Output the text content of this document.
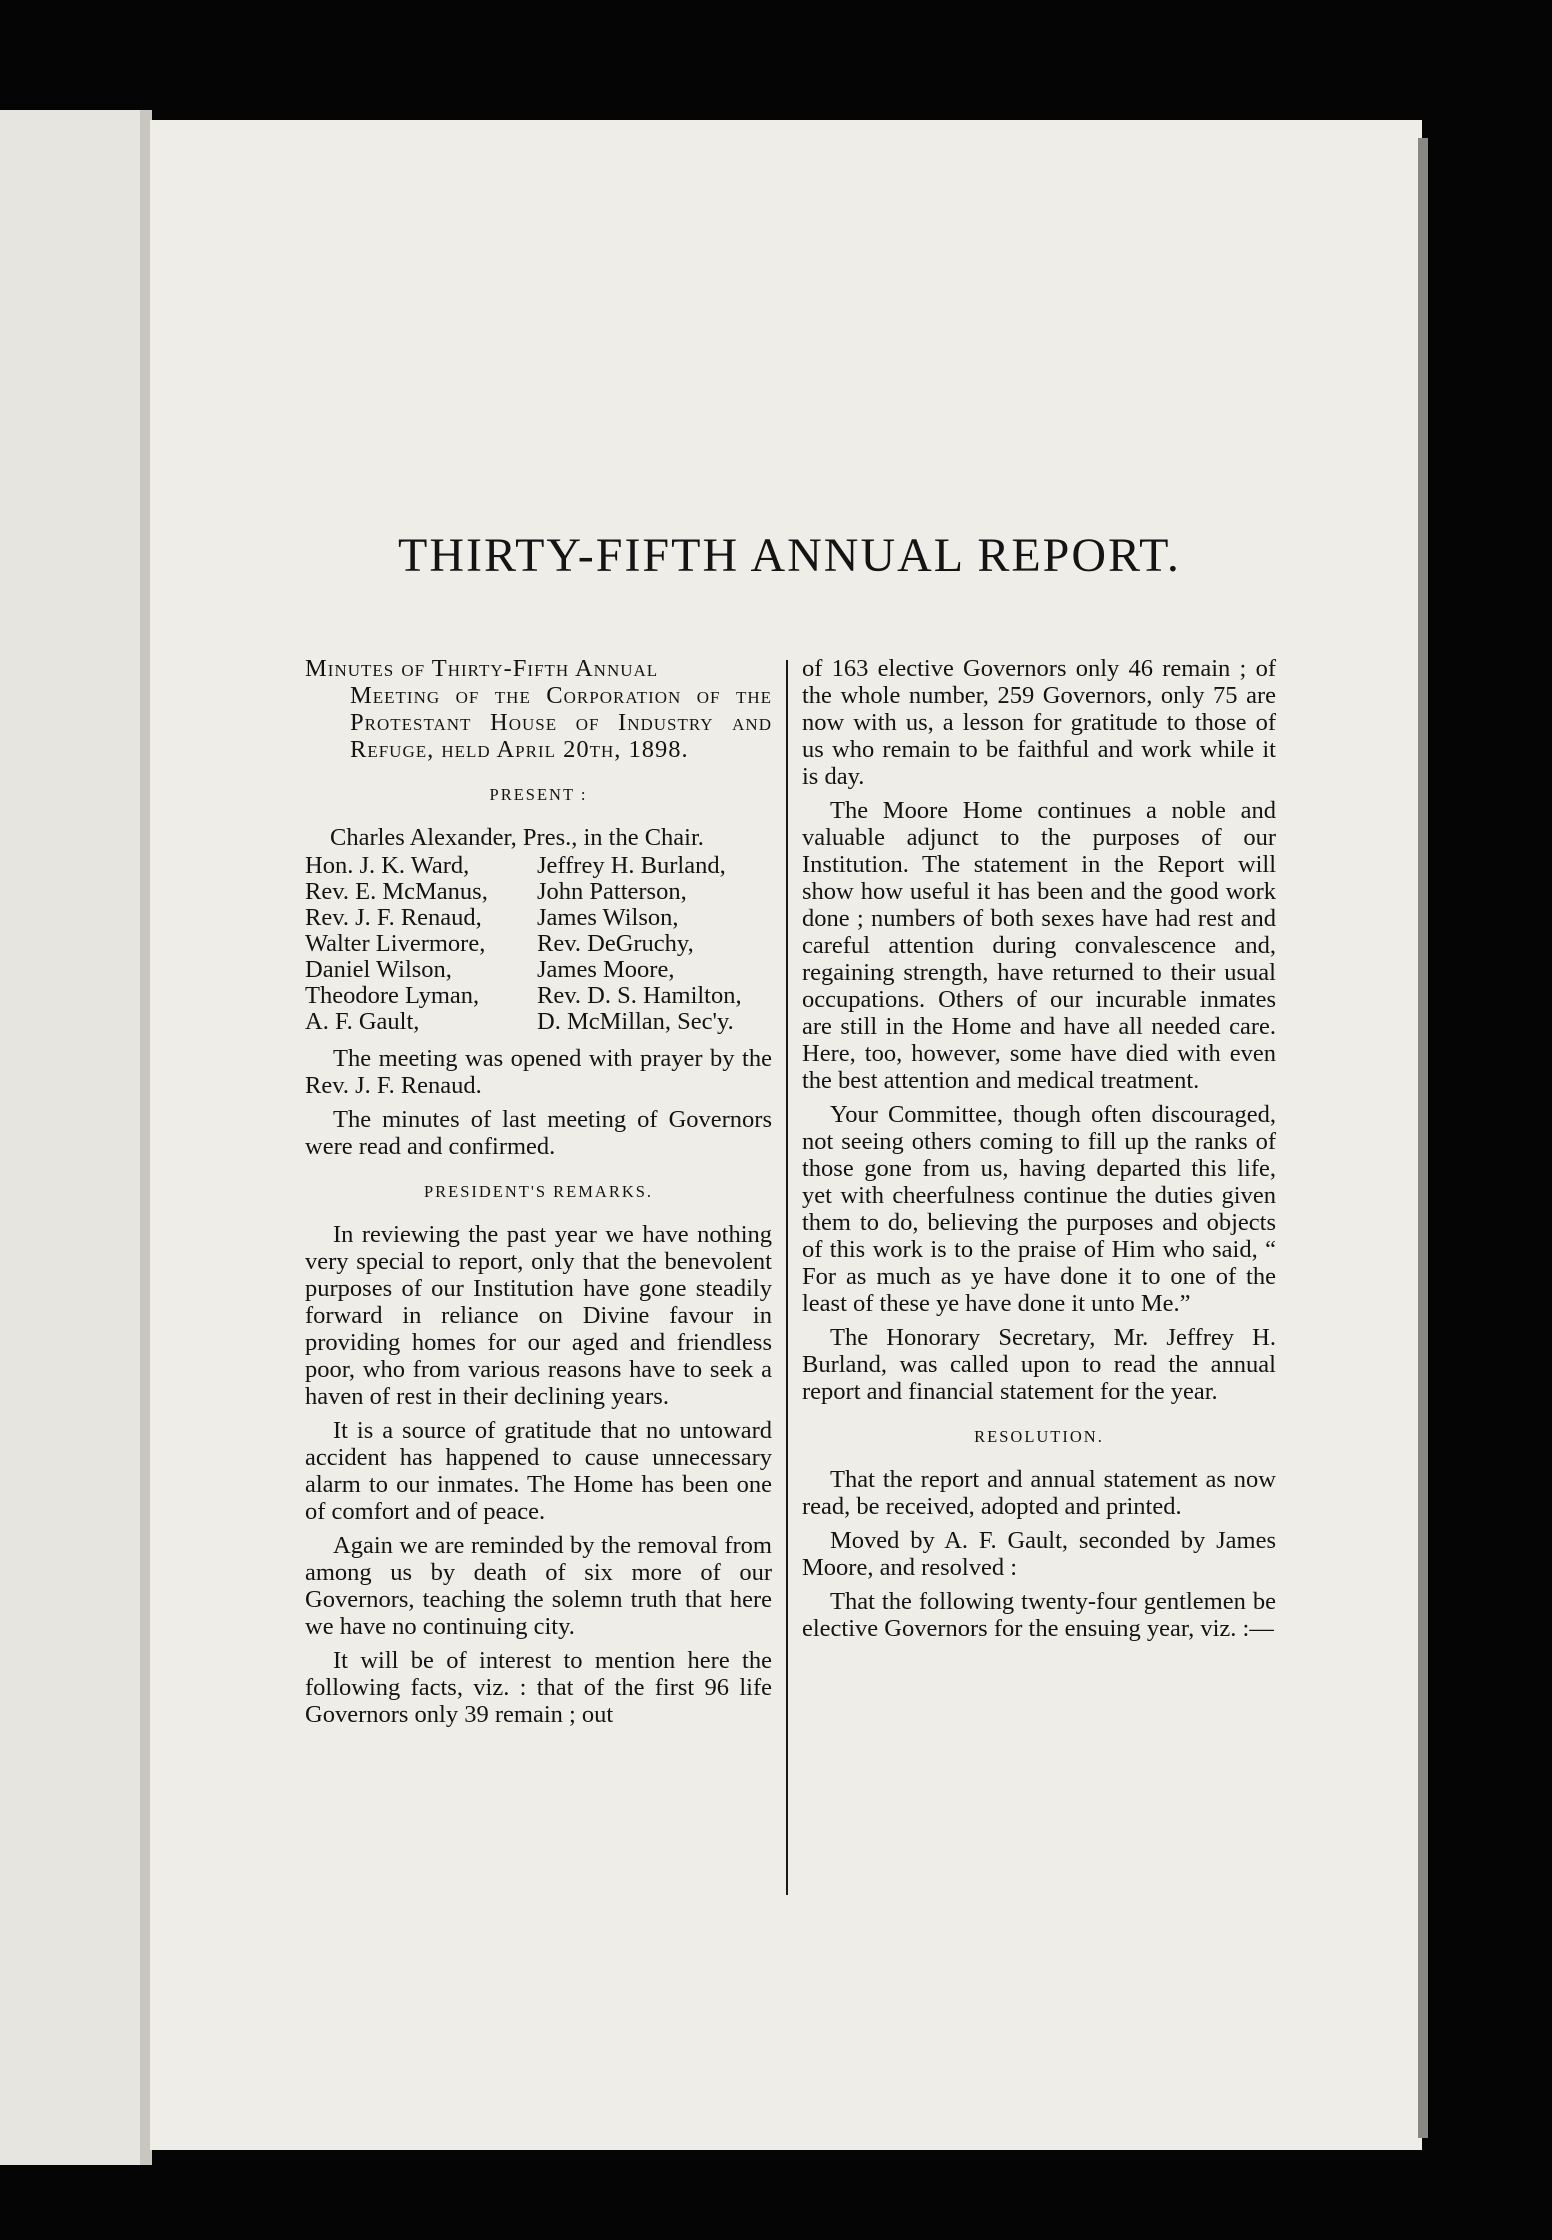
THIRTY-FIFTH ANNUAL REPORT.

Minutes of Thirty-Fifth Annual
Meeting of the Corporation of the Protestant House of Industry and Refuge, held April 20th, 1898.

PRESENT :

Charles Alexander, Pres., in the Chair.

Hon. J. K. Ward,	Jeffrey H. Burland,
Rev. E. McManus,	John Patterson,
Rev. J. F. Renaud,	James Wilson,
Walter Livermore,	Rev. DeGruchy,
Daniel Wilson,	James Moore,
Theodore Lyman,	Rev. D. S. Hamilton,
A. F. Gault,	D. McMillan, Sec'y.

The meeting was opened with prayer by the Rev. J. F. Renaud.

The minutes of last meeting of Governors were read and confirmed.

PRESIDENT'S REMARKS.

In reviewing the past year we have nothing very special to report, only that the benevolent purposes of our Institution have gone steadily forward in reliance on Divine favour in providing homes for our aged and friendless poor, who from various reasons have to seek a haven of rest in their declining years.

It is a source of gratitude that no untoward accident has happened to cause unnecessary alarm to our inmates. The Home has been one of comfort and of peace.

Again we are reminded by the removal from among us by death of six more of our Governors, teaching the solemn truth that here we have no continuing city.

It will be of interest to mention here the following facts, viz. : that of the first 96 life Governors only 39 remain ; out

of 163 elective Governors only 46 remain ; of the whole number, 259 Governors, only 75 are now with us, a lesson for gratitude to those of us who remain to be faithful and work while it is day.

The Moore Home continues a noble and valuable adjunct to the purposes of our Institution. The statement in the Report will show how useful it has been and the good work done ; numbers of both sexes have had rest and careful attention during convalescence and, regaining strength, have returned to their usual occupations. Others of our incurable inmates are still in the Home and have all needed care. Here, too, however, some have died with even the best attention and medical treatment.

Your Committee, though often discouraged, not seeing others coming to fill up the ranks of those gone from us, having departed this life, yet with cheerfulness continue the duties given them to do, believing the purposes and objects of this work is to the praise of Him who said, “ For as much as ye have done it to one of the least of these ye have done it unto Me.”

The Honorary Secretary, Mr. Jeffrey H. Burland, was called upon to read the annual report and financial statement for the year.

RESOLUTION.

That the report and annual statement as now read, be received, adopted and printed.

Moved by A. F. Gault, seconded by James Moore, and resolved :

That the following twenty-four gentlemen be elective Governors for the ensuing year, viz. :—
